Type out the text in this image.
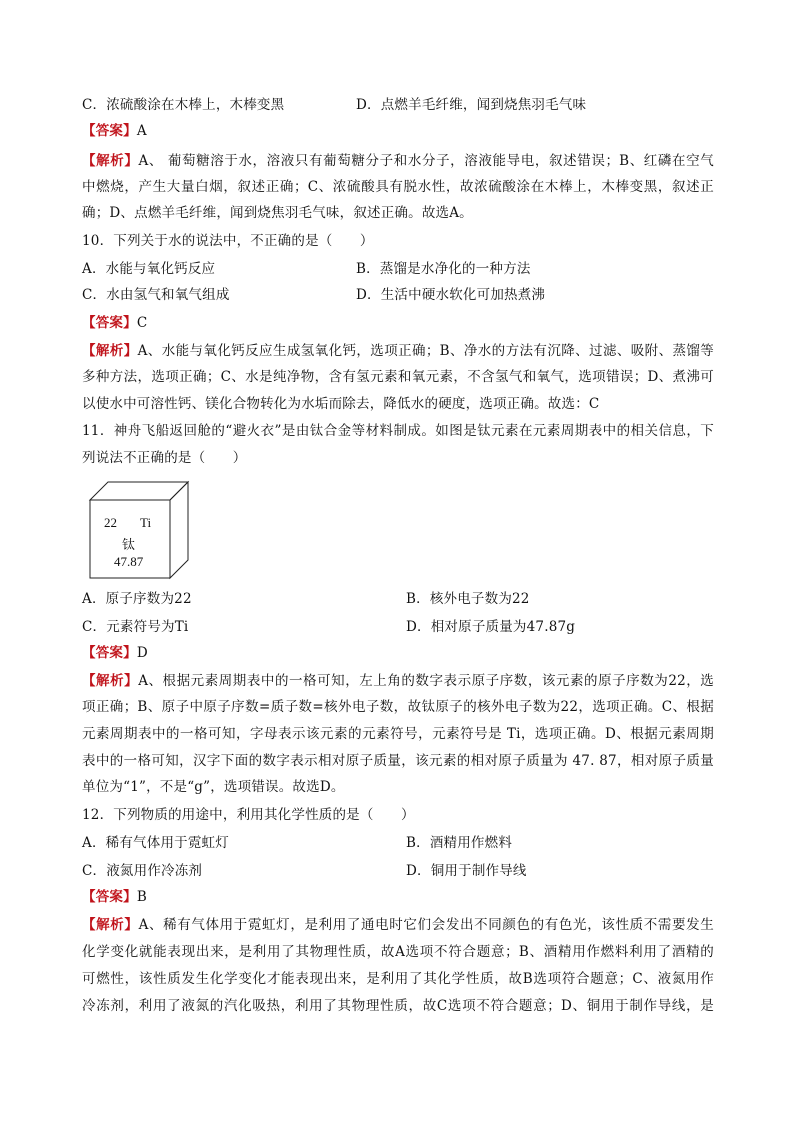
C．浓硫酸涂在木棒上，木棒变黑	D．点燃羊毛纤维，闻到烧焦羽毛气味
【答案】A
【解析】A、 葡萄糖溶于水，溶液只有葡萄糖分子和水分子，溶液能导电，叙述错误；B、红磷在空气
中燃烧，产生大量白烟，叙述正确；C、浓硫酸具有脱水性，故浓硫酸涂在木棒上，木棒变黑，叙述正
确；D、点燃羊毛纤维，闻到烧焦羽毛气味，叙述正确。故选A。
10．下列关于水的说法中，不正确的是（　　）
A．水能与氧化钙反应	B．蒸馏是水净化的一种方法
C．水由氢气和氧气组成	D．生活中硬水软化可加热煮沸
【答案】C
【解析】A、水能与氧化钙反应生成氢氧化钙，选项正确；B、净水的方法有沉降、过滤、吸附、蒸馏等
多种方法，选项正确；C、水是纯净物，含有氢元素和氧元素，不含氢气和氧气，选项错误；D、煮沸可
以使水中可溶性钙、镁化合物转化为水垢而除去，降低水的硬度，选项正确。故选：C
11．神舟飞船返回舱的“避火衣”是由钛合金等材料制成。如图是钛元素在元素周期表中的相关信息，下
列说法不正确的是（　　）
22 Ti
钛
47.87
A．原子序数为22	B．核外电子数为22
C．元素符号为Ti	D．相对原子质量为47.87g
【答案】D
【解析】A、根据元素周期表中的一格可知，左上角的数字表示原子序数，该元素的原子序数为22，选
项正确；B、原子中原子序数=质子数=核外电子数，故钛原子的核外电子数为22，选项正确。C、根据
元素周期表中的一格可知，字母表示该元素的元素符号，元素符号是 Ti，选项正确。D、根据元素周期
表中的一格可知，汉字下面的数字表示相对原子质量，该元素的相对原子质量为 47. 87，相对原子质量
单位为“1”，不是“g”，选项错误。故选D。
12．下列物质的用途中，利用其化学性质的是（　　）
A．稀有气体用于霓虹灯	B．酒精用作燃料
C．液氮用作冷冻剂	D．铜用于制作导线
【答案】B
【解析】A、稀有气体用于霓虹灯，是利用了通电时它们会发出不同颜色的有色光，该性质不需要发生
化学变化就能表现出来，是利用了其物理性质，故A选项不符合题意；B、酒精用作燃料利用了酒精的
可燃性，该性质发生化学变化才能表现出来，是利用了其化学性质，故B选项符合题意；C、液氮用作
冷冻剂，利用了液氮的汽化吸热，利用了其物理性质，故C选项不符合题意；D、铜用于制作导线，是
